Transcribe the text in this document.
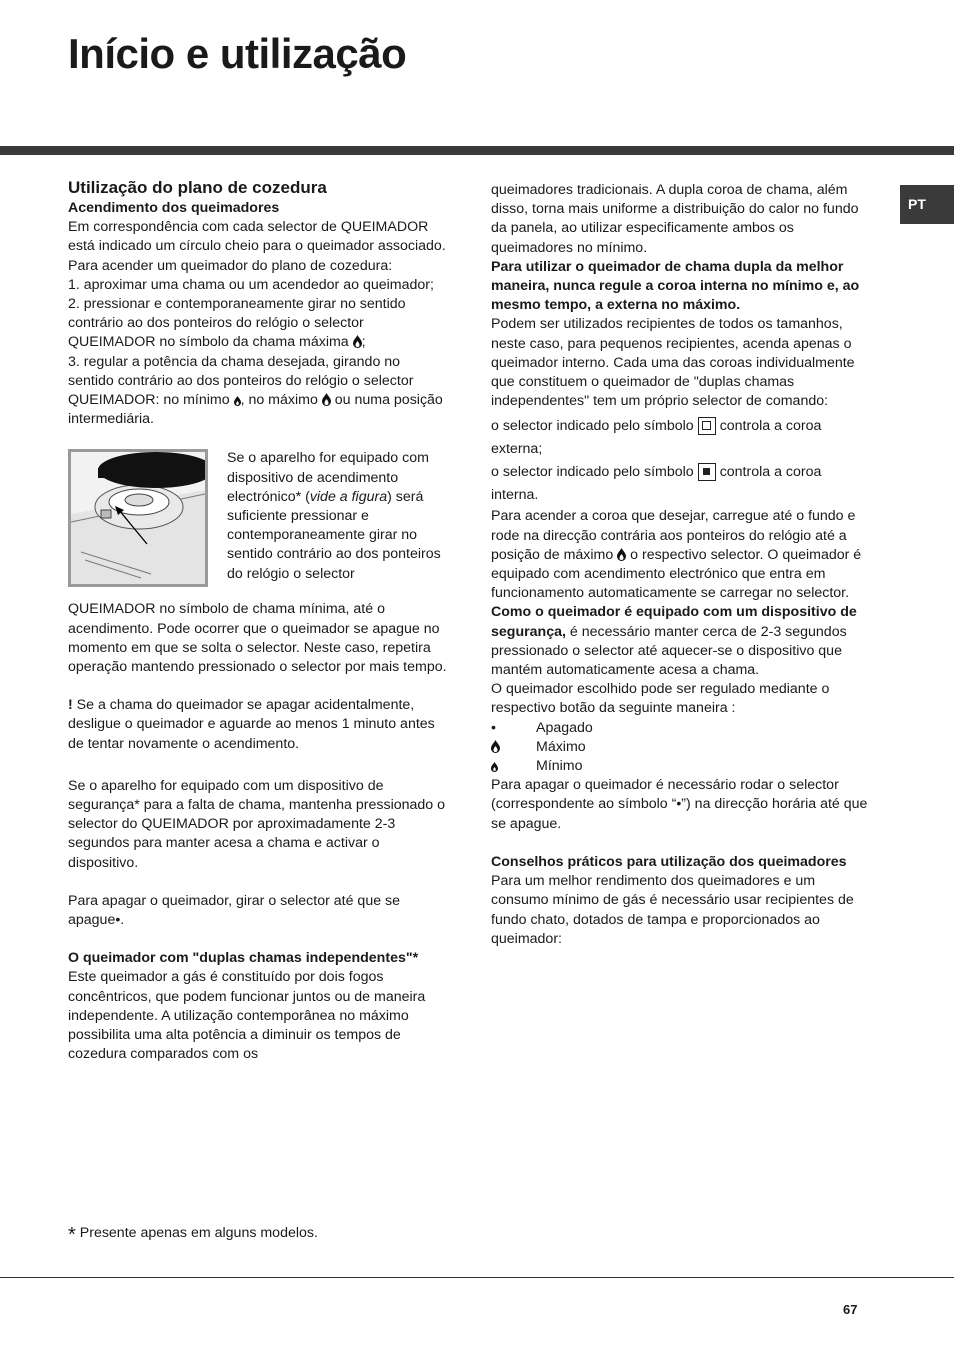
Início e utilização
PT

Utilização do plano de cozedura

Acendimento dos queimadores

Em correspondência com cada selector de QUEIMADOR está indicado um círculo cheio para o queimador associado.

Para acender um queimador do plano de cozedura:

1. aproximar uma chama ou um acendedor ao queimador;

2. pressionar e contemporaneamente girar no sentido contrário ao dos ponteiros do relógio o selector QUEIMADOR no símbolo da chama máxima ;

3. regular a potência da chama desejada, girando no sentido contrário ao dos ponteiros do relógio o selector QUEIMADOR: no mínimo , no máximo ou numa posição intermediária.

Se o aparelho for equipado com dispositivo de acendimento electrónico* (vide a figura) será suficiente pressionar e contemporaneamente girar no sentido contrário ao dos ponteiros do relógio o selector

QUEIMADOR no símbolo de chama mínima, até o acendimento. Pode ocorrer que o queimador se apague no momento em que se solta o selector. Neste caso, repetira operação mantendo pressionado o selector por mais tempo.

! Se a chama do queimador se apagar acidentalmente, desligue o queimador e aguarde ao menos 1 minuto antes de tentar novamente o acendimento.

Se o aparelho for equipado com um dispositivo de segurança* para a falta de chama, mantenha pressionado o selector do QUEIMADOR por aproximadamente 2-3 segundos para manter acesa a chama e activar o dispositivo.

Para apagar o queimador, girar o selector até que se apague•.

O queimador com "duplas chamas independentes"*

Este queimador a gás é constituído por dois fogos concêntricos, que podem funcionar juntos ou de maneira independente. A utilização contemporânea no máximo possibilita uma alta potência a diminuir os tempos de cozedura comparados com os

queimadores tradicionais. A dupla coroa de chama, além disso, torna mais uniforme a distribuição do calor no fundo da panela, ao utilizar especificamente ambos os queimadores no mínimo.

Para utilizar o queimador de chama dupla da melhor maneira, nunca regule a coroa interna no mínimo e, ao mesmo tempo, a externa no máximo.

Podem ser utilizados recipientes de todos os tamanhos, neste caso, para pequenos recipientes, acenda apenas o queimador interno. Cada uma das coroas individualmente que constituem o queimador de "duplas chamas independentes" tem um próprio selector de comando:

o selector indicado pelo símbolo controla a coroa externa;

o selector indicado pelo símbolo controla a coroa interna.

Para acender a coroa que desejar, carregue até o fundo e rode na direcção contrária aos ponteiros do relógio até a posição de máximo o respectivo selector. O queimador é equipado com acendimento electrónico que entra em funcionamento automaticamente se carregar no selector.

Como o queimador é equipado com um dispositivo de segurança, é necessário manter cerca de 2-3 segundos pressionado o selector até aquecer-se o dispositivo que mantém automaticamente acesa a chama.

O queimador escolhido pode ser regulado mediante o respectivo botão da seguinte maneira :

•	Apagado
Máximo
Mínimo

Para apagar o queimador é necessário rodar o selector (correspondente ao símbolo “•”) na direcção horária até que se apague.

Conselhos práticos para utilização dos queimadores

Para um melhor rendimento dos queimadores e um consumo mínimo de gás é necessário usar recipientes de fundo chato, dotados de tampa e proporcionados ao queimador:

* Presente apenas em alguns modelos.
67
